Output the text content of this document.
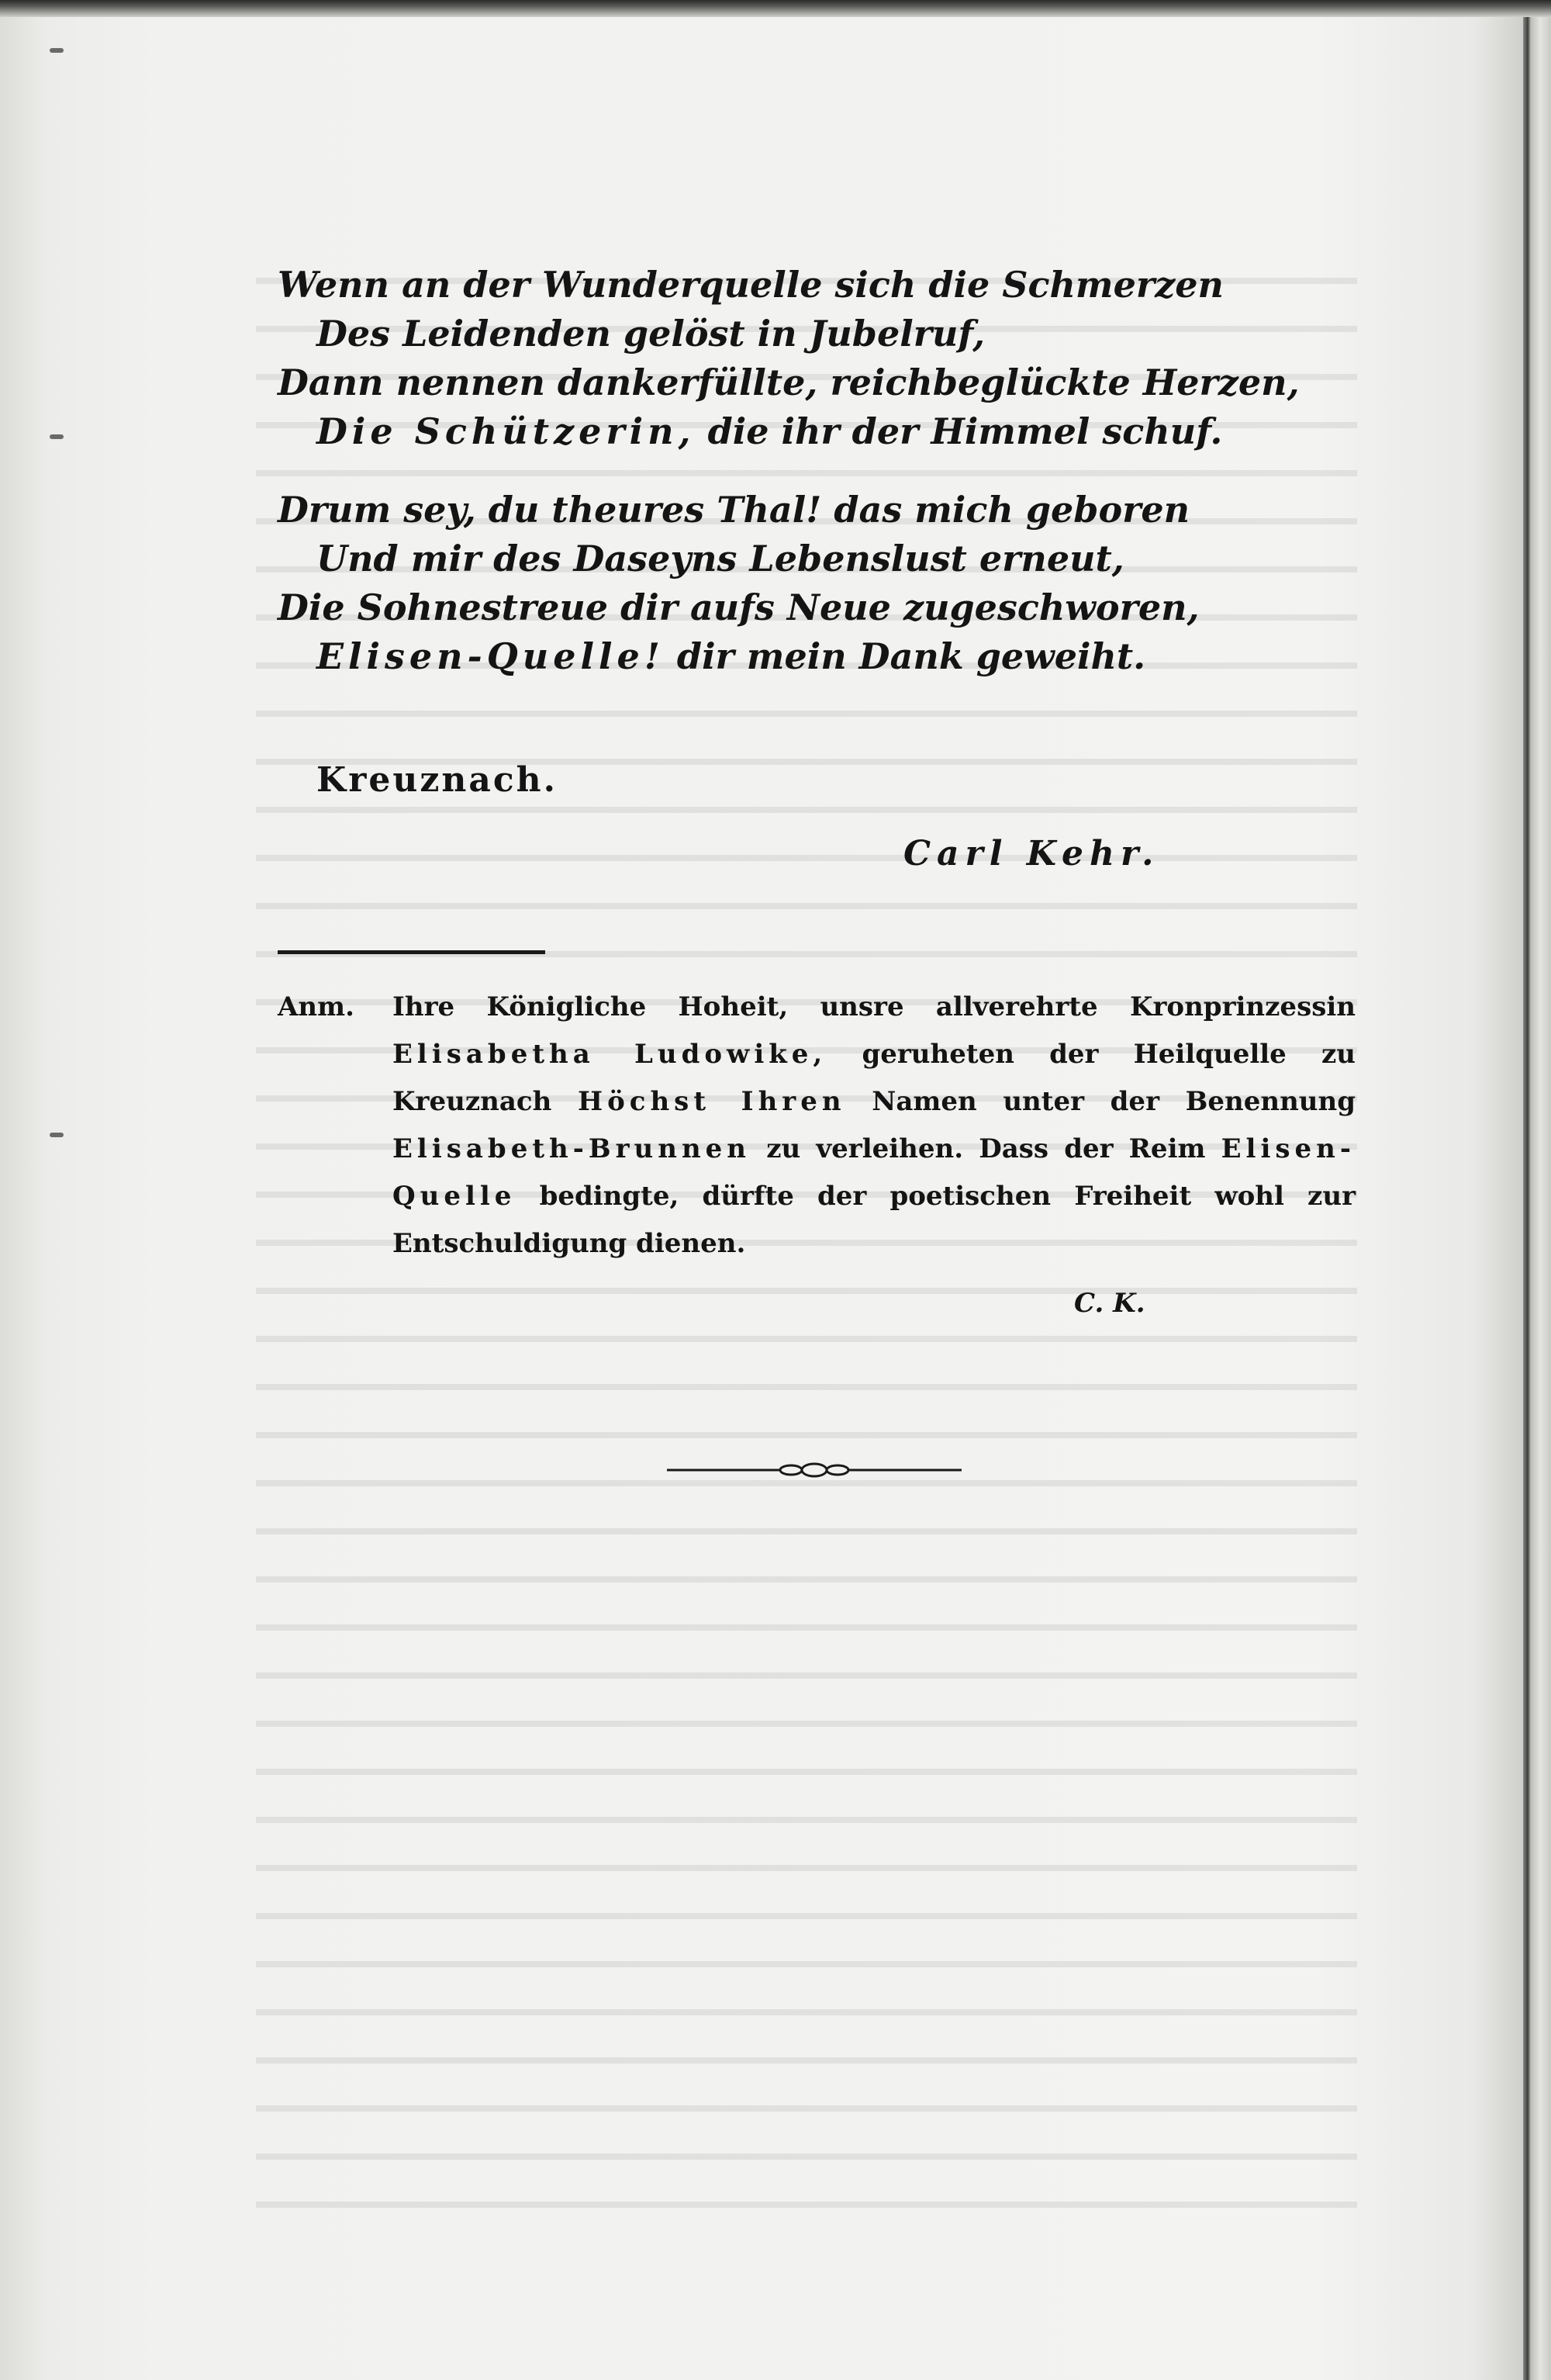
Wenn an der Wunderquelle sich die Schmerzen
Des Leidenden gelöst in Jubelruf,
Dann nennen dankerfüllte, reichbeglückte Herzen,
Die Schützerin, die ihr der Himmel schuf.
Drum sey, du theures Thal! das mich geboren
Und mir des Daseyns Lebenslust erneut,
Die Sohnestreue dir aufs Neue zugeschworen,
Elisen-Quelle! dir mein Dank geweiht.
Kreuznach.
Carl Kehr.
Anm. Ihre Königliche Hoheit, unsre allverehrte Kronprinzessin Elisabetha Ludowike, geruheten der Heilquelle zu Kreuznach Höchst Ihren Namen unter der Benennung Elisabeth-Brunnen zu verleihen. Dass der Reim Elisen-Quelle bedingte, dürfte der poetischen Freiheit wohl zur Entschuldigung dienen.
C. K.
